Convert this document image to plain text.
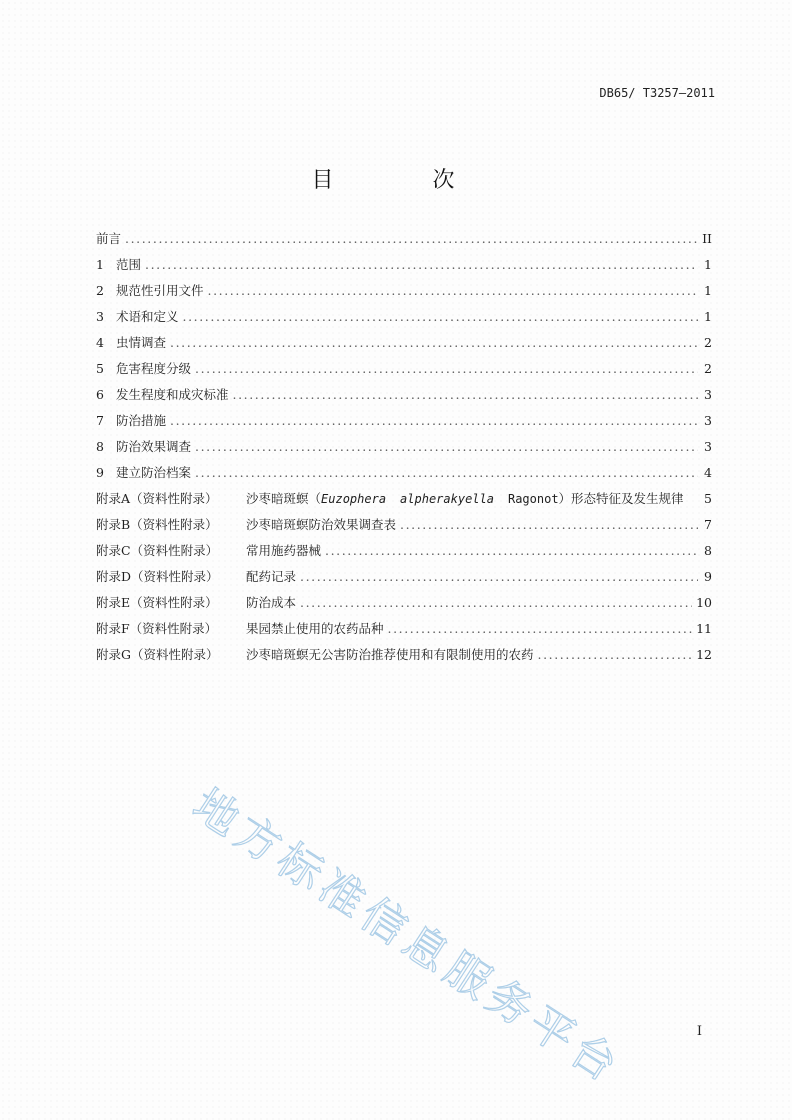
DB65/ T3257—2011
目 次
前言 .....	II
1 范围 .....	1
2 规范性引用文件 .....	1
3 术语和定义 .....	1
4 虫情调查 .....	2
5 危害程度分级 .....	2
6 发生程度和成灾标准 .....	3
7 防治措施 .....	3
8 防治效果调查 .....	3
9 建立防治档案 .....	4
附录A（资料性附录）	沙枣暗斑螟（Euzophera alpherakyella Ragonot）形态特征及发生规律 5
附录B（资料性附录）	沙枣暗斑螟防治效果调查表 .....	7
附录C（资料性附录）	常用施药器械 .....	8
附录D（资料性附录）	配药记录 .....	9
附录E（资料性附录）	防治成本 .....	10
附录F（资料性附录）	果园禁止使用的农药品种 .....	11
附录G（资料性附录）	沙枣暗斑螟无公害防治推荐使用和有限制使用的农药 .....	12
地方标准信息服务平台	I
